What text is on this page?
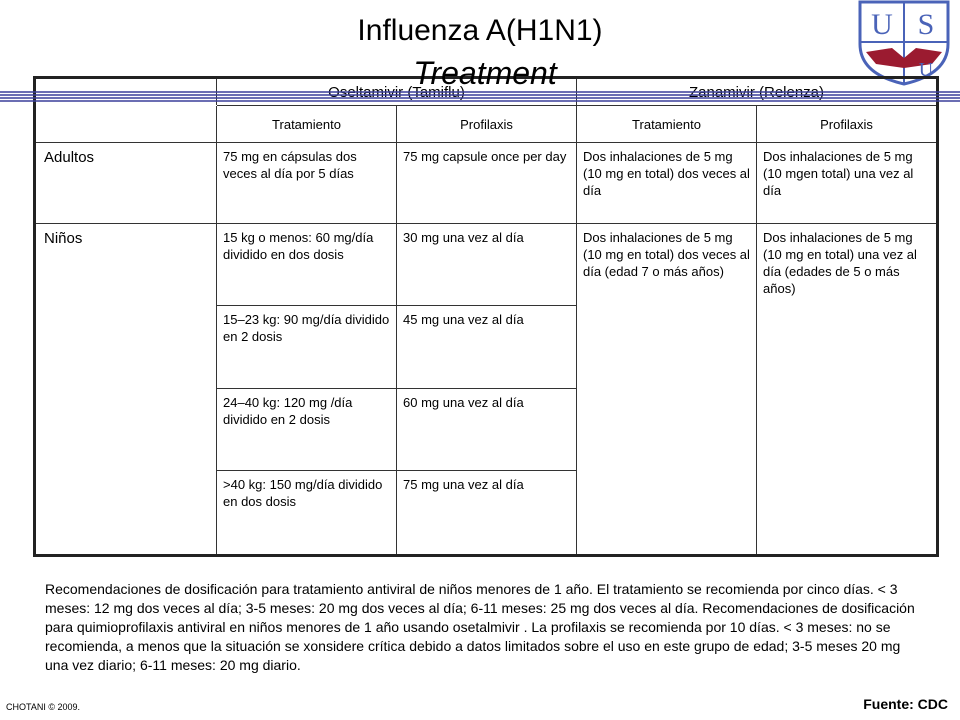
Influenza A(H1N1)	U S
U
	Oseltamivir (Tamiflu)		Zanamivir (Relenza)	
	Tratamiento	Profilaxis	Tratamiento	Profilaxis
Adultos	75 mg en cápsulas dos veces al día por 5 días	75 mg capsule once per day	Dos inhalaciones de 5 mg (10 mg en total) dos veces al día	Dos inhalaciones de 5 mg (10 mgen total) una vez al día
Niños	15 kg o menos: 60 mg/día dividido en dos dosis	30 mg una vez al día	Dos inhalaciones de 5 mg (10 mg en total) dos veces al día (edad 7 o más años)	Dos inhalaciones de 5 mg (10 mg en total) una vez al día (edades de 5 o más años)
	15–23 kg: 90 mg/día dividido en 2 dosis	45 mg una vez al día		
	24–40 kg: 120 mg /día dividido en 2 dosis	60 mg una vez al día		
	>40 kg: 150 mg/día dividido en dos dosis	75 mg una vez al día		
Treatment

Recomendaciones de dosificación para tratamiento antiviral de niños menores de 1 año. El tratamiento se recomienda por cinco días. < 3 meses: 12 mg dos veces al día; 3-5 meses: 20 mg dos veces al día; 6-11 meses: 25 mg dos veces al día. Recomendaciones de dosificación para quimioprofilaxis antiviral en niños menores de 1 año usando osetalmivir . La profilaxis se recomienda por 10 días. < 3 meses: no se recomienda, a menos que la situación se xonsidere crítica debido a datos limitados sobre el uso en este grupo de edad; 3-5 meses 20 mg una vez diario; 6-11 meses: 20 mg diario.

CHOTANI © 2009.	Fuente: CDC
